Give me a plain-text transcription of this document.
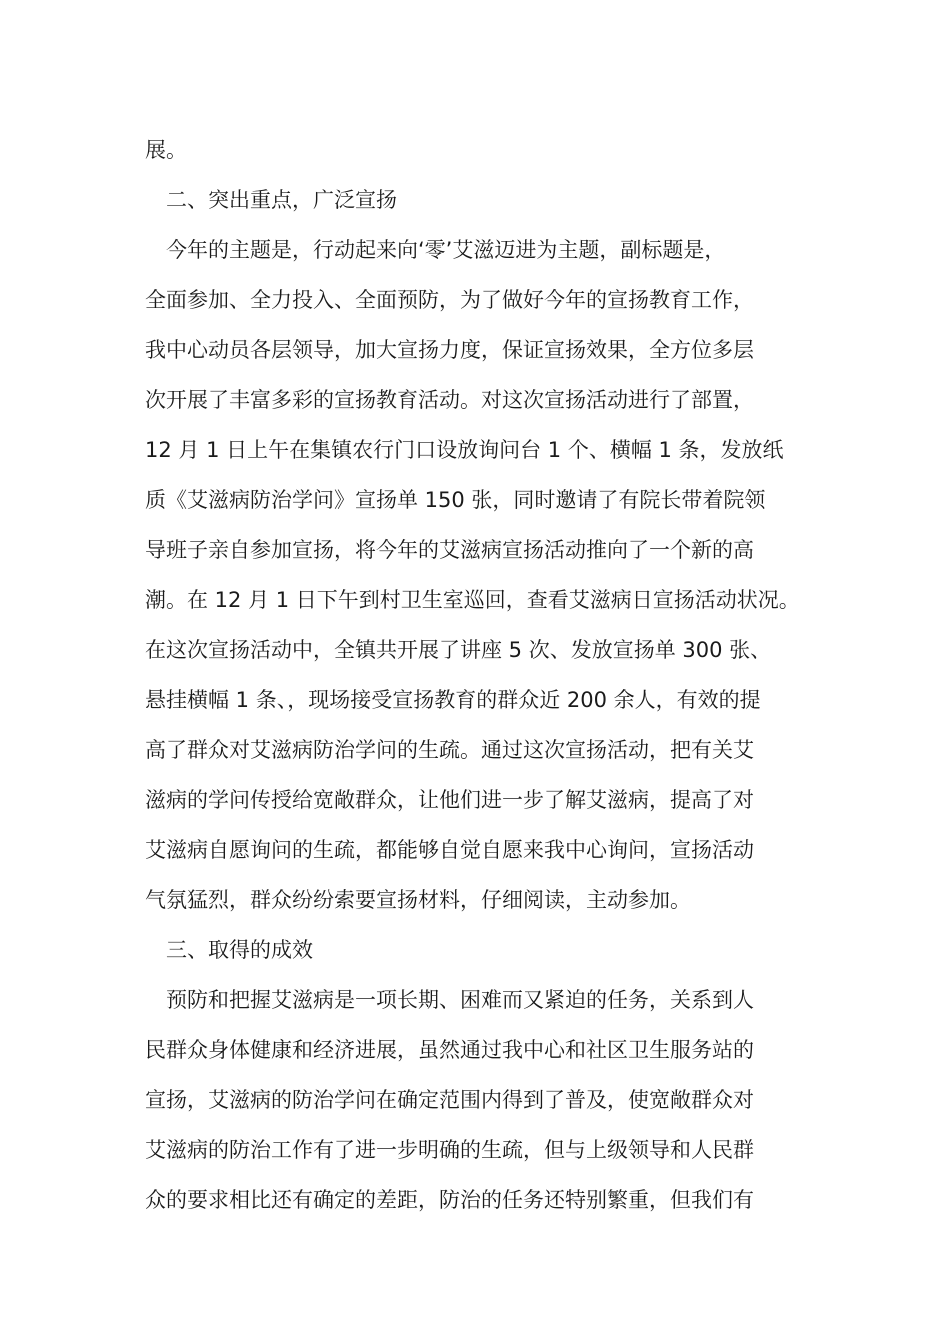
展。
二、突出重点，广泛宣扬
今年的主题是，行动起来向‘零’艾滋迈进为主题，副标题是，
全面参加、全力投入、全面预防，为了做好今年的宣扬教育工作，
我中心动员各层领导，加大宣扬力度，保证宣扬效果，全方位多层
次开展了丰富多彩的宣扬教育活动。对这次宣扬活动进行了部置，
12 月 1 日上午在集镇农行门口设放询问台 1 个、横幅 1 条，发放纸
质《艾滋病防治学问》宣扬单 150 张，同时邀请了有院长带着院领
导班子亲自参加宣扬，将今年的艾滋病宣扬活动推向了一个新的高
潮。在 12 月 1 日下午到村卫生室巡回，查看艾滋病日宣扬活动状况。
在这次宣扬活动中，全镇共开展了讲座 5 次、发放宣扬单 300 张、
悬挂横幅 1 条、，现场接受宣扬教育的群众近 200 余人，有效的提
高了群众对艾滋病防治学问的生疏。通过这次宣扬活动，把有关艾
滋病的学问传授给宽敞群众，让他们进一步了解艾滋病，提高了对
艾滋病自愿询问的生疏，都能够自觉自愿来我中心询问，宣扬活动
气氛猛烈，群众纷纷索要宣扬材料，仔细阅读，主动参加。
三、取得的成效
预防和把握艾滋病是一项长期、困难而又紧迫的任务，关系到人
民群众身体健康和经济进展，虽然通过我中心和社区卫生服务站的
宣扬，艾滋病的防治学问在确定范围内得到了普及，使宽敞群众对
艾滋病的防治工作有了进一步明确的生疏，但与上级领导和人民群
众的要求相比还有确定的差距，防治的任务还特别繁重，但我们有
